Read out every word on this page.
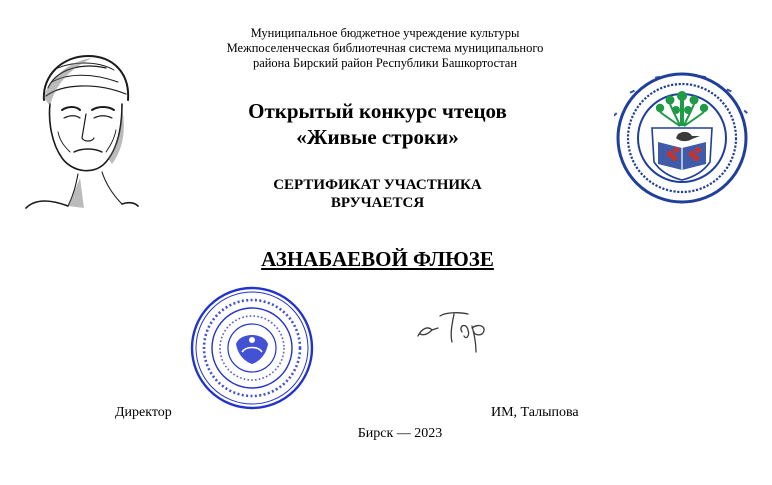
Муниципальное бюджетное учреждение культуры
Межпоселенческая библиотечная система муниципального
района Бирский район Республики Башкортостан
Открытый конкурс чтецов
«Живые строки»
СЕРТИФИКАТ УЧАСТНИКА
ВРУЧАЕТСЯ
АЗНАБАЕВОЙ ФЛЮЗЕ
Директор	ИМ, Талыпова
Бирск — 2023
